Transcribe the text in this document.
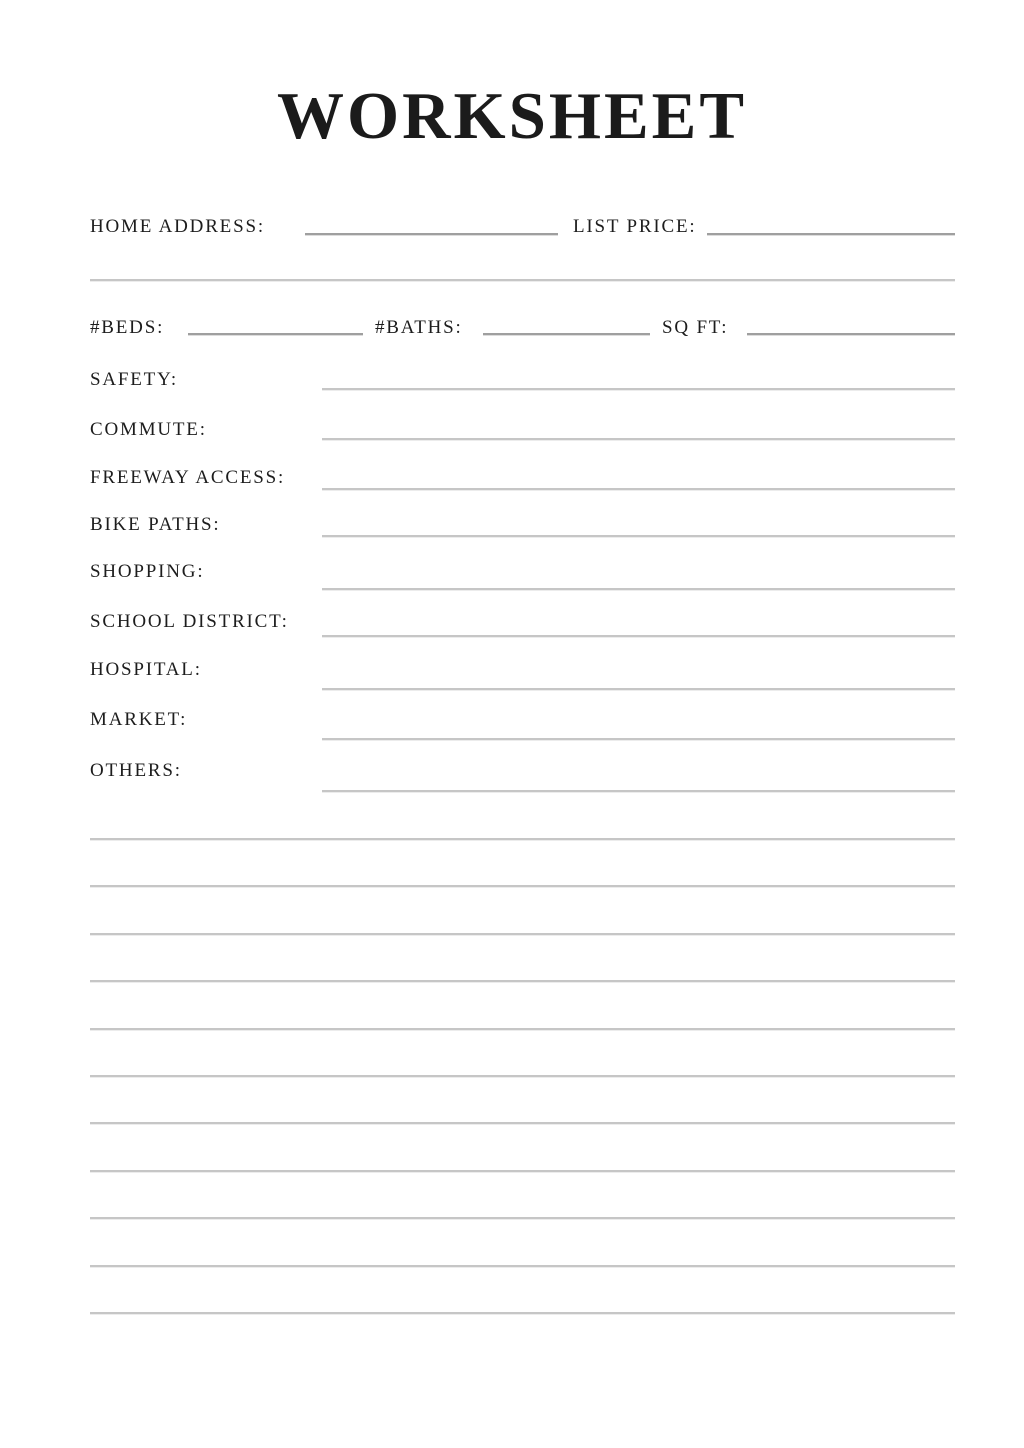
WORKSHEET
HOME ADDRESS:	LIST PRICE:
#BEDS:	#BATHS:	SQ FT:
SAFETY:
COMMUTE:
FREEWAY ACCESS:
BIKE PATHS:
SHOPPING:
SCHOOL DISTRICT:
HOSPITAL:
MARKET:
OTHERS:
